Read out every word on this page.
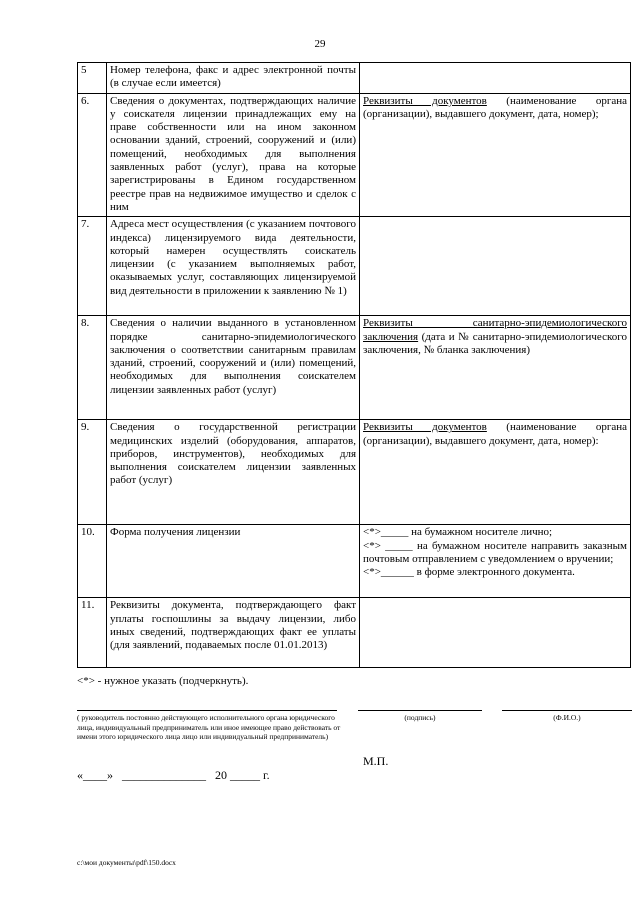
29
5	Номер телефона, факс и адрес электронной почты (в случае если имеется)	
6.	Сведения о документах, подтверждающих наличие у соискателя лицензии принадлежащих ему на праве собственности или на ином законном основании зданий, строений, сооружений и (или) помещений, необходимых для выполнения заявленных работ (услуг), права на которые зарегистрированы в Едином государственном реестре прав на недвижимое имущество и сделок с ним	Реквизиты документов (наименование органа (организации), выдавшего документ, дата, номер);
7.	Адреса мест осуществления (с указанием почтового индекса) лицензируемого вида деятельности, который намерен осуществлять соискатель лицензии (с указанием выполняемых работ, оказываемых услуг, составляющих лицензируемой вид деятельности в приложении к заявлению № 1)	
8.	Сведения о наличии выданного в установленном порядке санитарно-эпидемиологического заключения о соответствии санитарным правилам зданий, строений, сооружений и (или) помещений, необходимых для выполнения соискателем лицензии заявленных работ (услуг)	Реквизиты санитарно-эпидемиологического заключения (дата и № санитарно-эпидемиологического заключения, № бланка заключения)
9.	Сведения о государственной регистрации медицинских изделий (оборудования, аппаратов, приборов, инструментов), необходимых для выполнения соискателем лицензии заявленных работ (услуг)	Реквизиты документов (наименование органа (организации), выдавшего документ, дата, номер):
10.	Форма получения лицензии	<*>_____ на бумажном носителе лично;
<*> _____ на бумажном носителе направить заказным почтовым отправлением с уведомлением о вручении;
<*>______ в форме электронного документа.

11.	Реквизиты документа, подтверждающего факт уплаты госпошлины за выдачу лицензии, либо иных сведений, подтверждающих факт ее уплаты (для заявлений, подаваемых после 01.01.2013)	
<*> - нужное указать (подчеркнуть).
( руководитель постоянно действующего исполнительного органа юридического лица, индивидуальный предприниматель или иное имеющее право действовать от имени этого юридического лица лицо или индивидуальный предприниматель)
(подпись)	(Ф.И.О.)
М.П.
«____»   ______________   20 _____ г.
c:\мои документы\pdf\150.docx
